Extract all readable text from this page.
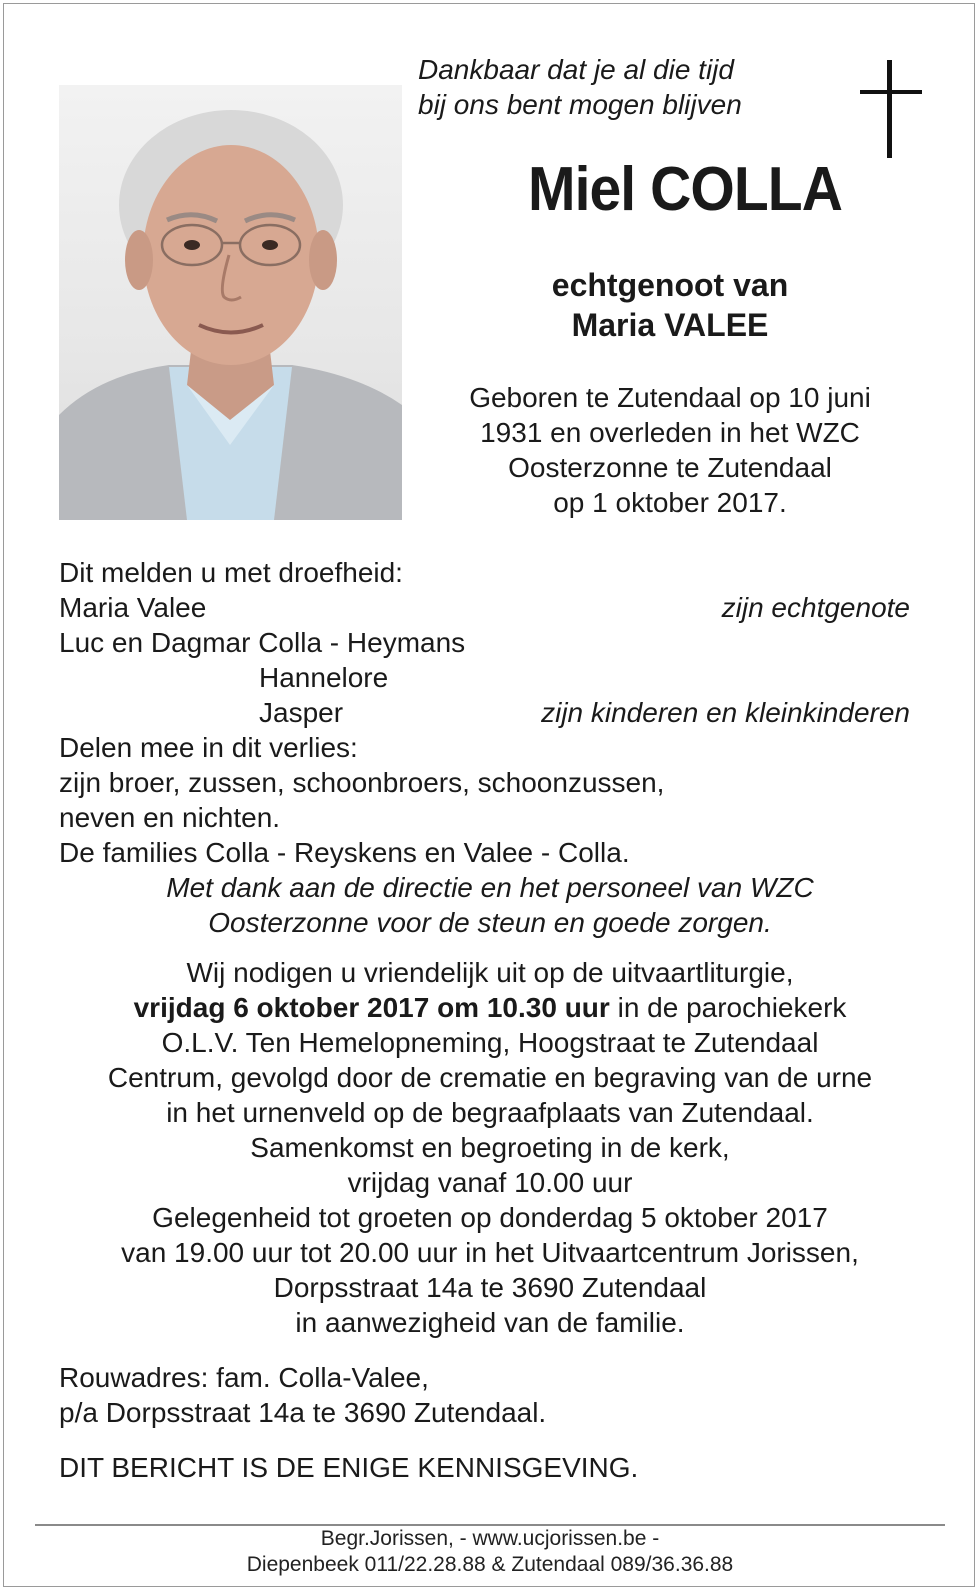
Dankbaar dat je al die tijd
bij ons bent mogen blijven
Miel COLLA
echtgenoot van
Maria VALEE
Geboren te Zutendaal op 10 juni
1931 en overleden in het WZC
Oosterzonne te Zutendaal
op 1 oktober 2017.
Dit melden u met droefheid:
Maria Valee	zijn echtgenote
Luc en Dagmar Colla - Heymans
Hannelore
Jasper	zijn kinderen en kleinkinderen
Delen mee in dit verlies:
zijn broer, zussen, schoonbroers, schoonzussen,
neven en nichten.
De families Colla - Reyskens en Valee - Colla.
Met dank aan de directie en het personeel van WZC
Oosterzonne voor de steun en goede zorgen.
Wij nodigen u vriendelijk uit op de uitvaartliturgie,
vrijdag 6 oktober 2017 om 10.30 uur in de parochiekerk
O.L.V. Ten Hemelopneming, Hoogstraat te Zutendaal
Centrum, gevolgd door de crematie en begraving van de urne
in het urnenveld op de begraafplaats van Zutendaal.
Samenkomst en begroeting in de kerk,
vrijdag vanaf 10.00 uur
Gelegenheid tot groeten op donderdag 5 oktober 2017
van 19.00 uur tot 20.00 uur in het Uitvaartcentrum Jorissen,
Dorpsstraat 14a te 3690 Zutendaal
in aanwezigheid van de familie.
Rouwadres: fam. Colla-Valee,
p/a Dorpsstraat 14a te 3690 Zutendaal.
DIT BERICHT IS DE ENIGE KENNISGEVING.
Begr.Jorissen, - www.ucjorissen.be -
Diepenbeek 011/22.28.88 & Zutendaal 089/36.36.88
